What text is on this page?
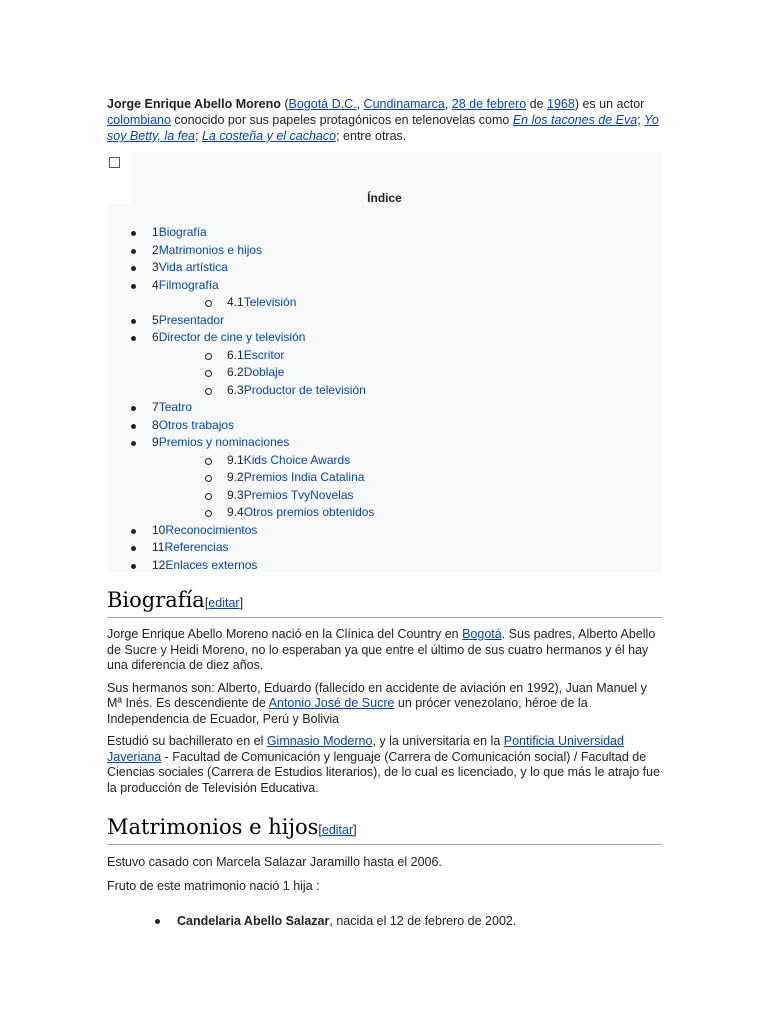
Jorge Enrique Abello Moreno (Bogotá D.C., Cundinamarca, 28 de febrero de 1968) es un actor colombiano conocido por sus papeles protagónicos en telenovelas como En los tacones de Eva; Yo soy Betty, la fea; La costeña y el cachaco; entre otras.

Índice
1Biografía
2Matrimonios e hijos
3Vida artística
4Filmografía
4.1Televisión
5Presentador
6Director de cine y televisión
6.1Escritor
6.2Doblaje
6.3Productor de televisión
7Teatro
8Otros trabajos
9Premios y nominaciones
9.1Kids Choice Awards
9.2Premios India Catalina
9.3Premios TvyNovelas
9.4Otros premios obtenidos
10Reconocimientos
11Referencias
12Enlaces externos
Biografía[editar]

Jorge Enrique Abello Moreno nació en la Clínica del Country en Bogotá. Sus padres, Alberto Abello de Sucre y Heidi Moreno, no lo esperaban ya que entre el último de sus cuatro hermanos y él hay una diferencia de diez años.

Sus hermanos son: Alberto, Eduardo (fallecido en accidente de aviación en 1992), Juan Manuel y Mª Inés. Es descendiente de Antonio José de Sucre un prócer venezolano, héroe de la Independencia de Ecuador, Perú y Bolivia

Estudió su bachillerato en el Gimnasio Moderno, y la universitaria en la Pontificia Universidad Javeriana - Facultad de Comunicación y lenguaje (Carrera de Comunicación social) / Facultad de Ciencias sociales (Carrera de Estudios literarios), de lo cual es licenciado, y lo que más le atrajo fue la producción de Televisión Educativa.

Matrimonios e hijos[editar]

Estuvo casado con Marcela Salazar Jaramillo hasta el 2006.

Fruto de este matrimonio nació 1 hija :

Candelaria Abello Salazar, nacida el 12 de febrero de 2002.
